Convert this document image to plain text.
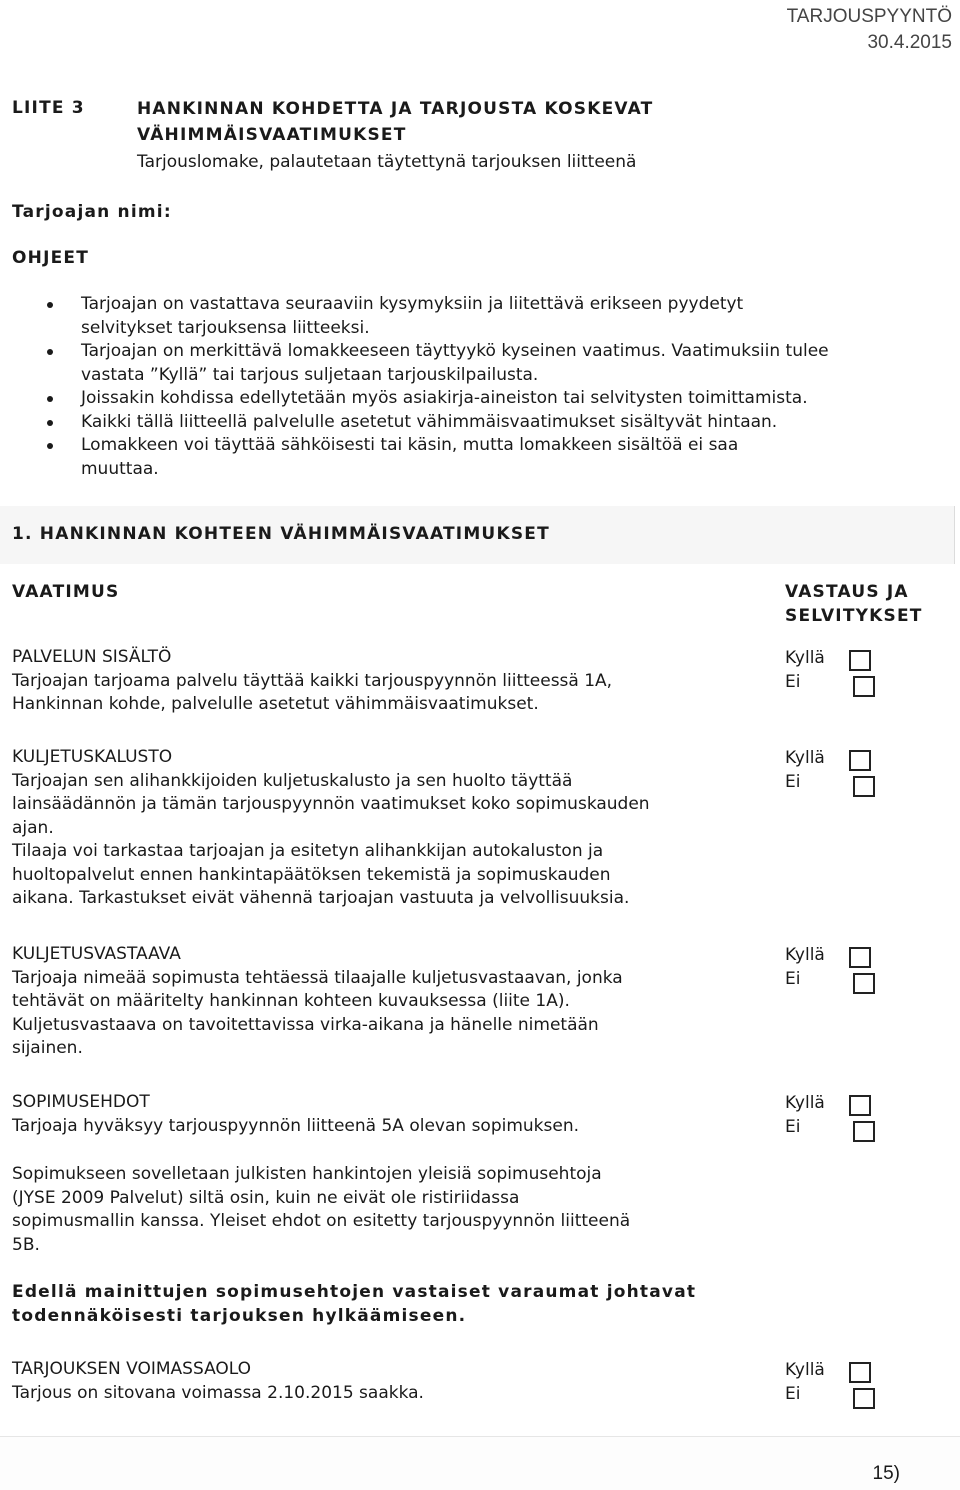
TARJOUSPYYNTÖ
30.4.2015
LIITE 3	HANKINNAN KOHDETTA JA TARJOUSTA KOSKEVAT
VÄHIMMÄISVAATIMUKSET
Tarjouslomake, palautetaan täytettynä tarjouksen liitteenä
Tarjoajan nimi:
OHJEET
Tarjoajan on vastattava seuraaviin kysymyksiin ja liitettävä erikseen pyydetyt
selvitykset tarjouksensa liitteeksi.
Tarjoajan on merkittävä lomakkeeseen täyttyykö kyseinen vaatimus. Vaatimuksiin tulee
vastata ”Kyllä” tai tarjous suljetaan tarjouskilpailusta.
Joissakin kohdissa edellytetään myös asiakirja-aineiston tai selvitysten toimittamista.
Kaikki tällä liitteellä palvelulle asetetut vähimmäisvaatimukset sisältyvät hintaan.
Lomakkeen voi täyttää sähköisesti tai käsin, mutta lomakkeen sisältöä ei saa
muuttaa.
1. HANKINNAN KOHTEEN VÄHIMMÄISVAATIMUKSET
VAATIMUS	VASTAUS JA
SELVITYKSET
PALVELUN SISÄLTÖ
Tarjoajan tarjoama palvelu täyttää kaikki tarjouspyynnön liitteessä 1A,
Hankinnan kohde, palvelulle asetetut vähimmäisvaatimukset.
KULJETUSKALUSTO
Tarjoajan sen alihankkijoiden kuljetuskalusto ja sen huolto täyttää
lainsäädännön ja tämän tarjouspyynnön vaatimukset koko sopimuskauden
ajan.
Tilaaja voi tarkastaa tarjoajan ja esitetyn alihankkijan autokaluston ja
huoltopalvelut ennen hankintapäätöksen tekemistä ja sopimuskauden
aikana. Tarkastukset eivät vähennä tarjoajan vastuuta ja velvollisuuksia.
KULJETUSVASTAAVA
Tarjoaja nimeää sopimusta tehtäessä tilaajalle kuljetusvastaavan, jonka
tehtävät on määritelty hankinnan kohteen kuvauksessa (liite 1A).
Kuljetusvastaava on tavoitettavissa virka-aikana ja hänelle nimetään
sijainen.
SOPIMUSEHDOT
Tarjoaja hyväksyy tarjouspyynnön liitteenä 5A olevan sopimuksen.
TARJOUKSEN VOIMASSAOLO
Tarjous on sitovana voimassa 2.10.2015 saakka.
Kyllä
Ei
Kyllä
Ei
Kyllä
Ei
Kyllä
Ei
Kyllä
Ei
Sopimukseen sovelletaan julkisten hankintojen yleisiä sopimusehtoja
(JYSE 2009 Palvelut) siltä osin, kuin ne eivät ole ristiriidassa
sopimusmallin kanssa. Yleiset ehdot on esitetty tarjouspyynnön liitteenä
5B.
Edellä mainittujen sopimusehtojen vastaiset varaumat johtavat
todennäköisesti tarjouksen hylkäämiseen.
15)
